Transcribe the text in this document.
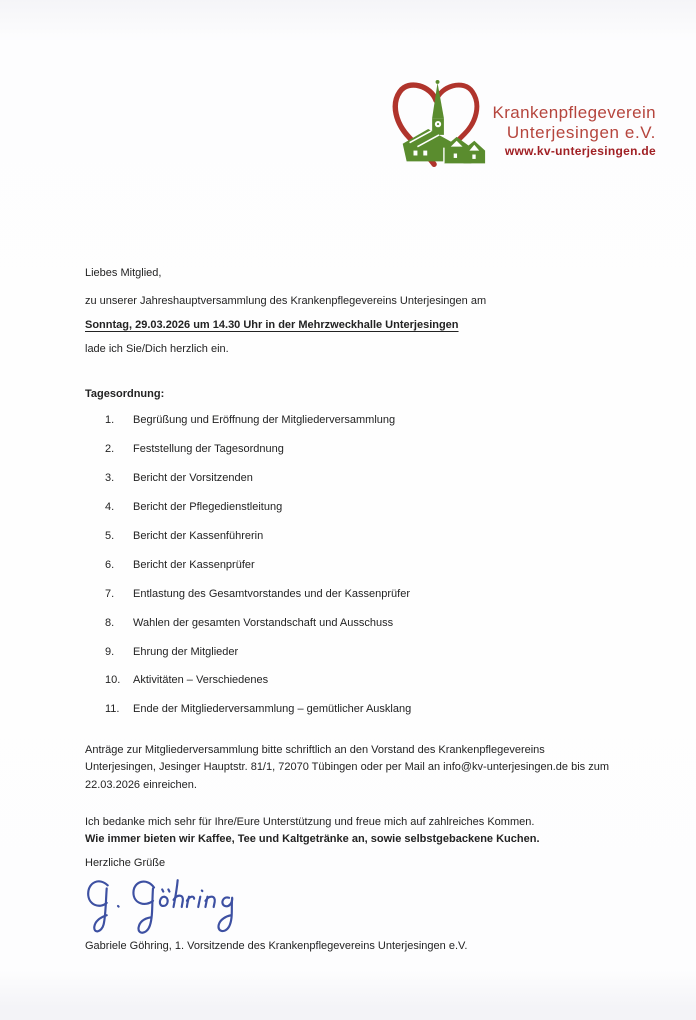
Krankenpflegeverein
Unterjesingen e.V.
www.kv-unterjesingen.de
Liebes Mitglied,
zu unserer Jahreshauptversammlung des Krankenpflegevereins Unterjesingen am
Sonntag, 29.03.2026 um 14.30 Uhr in der Mehrzweckhalle Unterjesingen
lade ich Sie/Dich herzlich ein.
Tagesordnung:
1.	Begrüßung und Eröffnung der Mitgliederversammlung
2.	Feststellung der Tagesordnung
3.	Bericht der Vorsitzenden
4.	Bericht der Pflegedienstleitung
5.	Bericht der Kassenführerin
6.	Bericht der Kassenprüfer
7.	Entlastung des Gesamtvorstandes und der Kassenprüfer
8.	Wahlen der gesamten Vorstandschaft und Ausschuss
9.	Ehrung der Mitglieder
10.	Aktivitäten – Verschiedenes
11.	Ende der Mitgliederversammlung – gemütlicher Ausklang
Anträge zur Mitgliederversammlung bitte schriftlich an den Vorstand des Krankenpflegevereins Unterjesingen, Jesinger Hauptstr. 81/1, 72070 Tübingen oder per Mail an info@kv-unterjesingen.de bis zum 22.03.2026 einreichen.
Ich bedanke mich sehr für Ihre/Eure Unterstützung und freue mich auf zahlreiches Kommen.
Wie immer bieten wir Kaffee, Tee und Kaltgetränke an, sowie selbstgebackene Kuchen.
Herzliche Grüße
Gabriele Göhring, 1. Vorsitzende des Krankenpflegevereins Unterjesingen e.V.
